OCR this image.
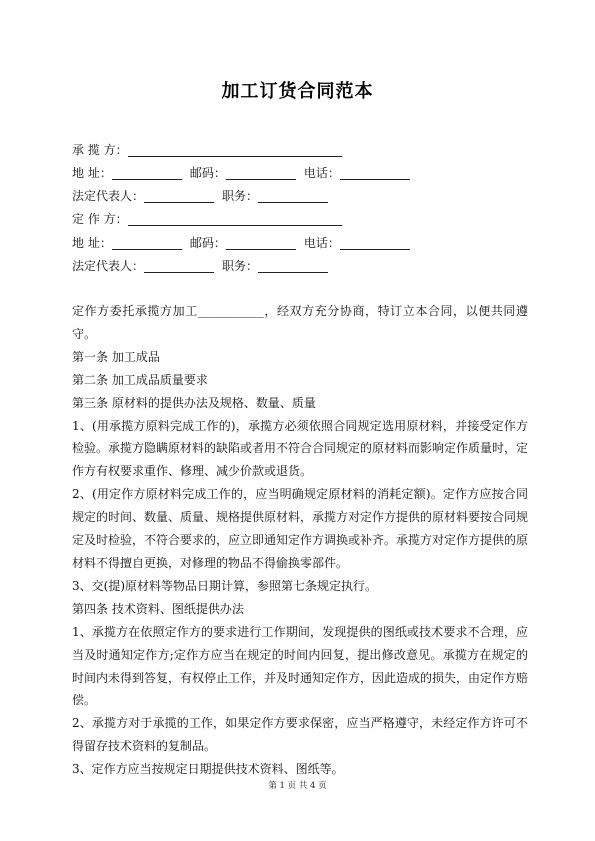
加工订货合同范本
承 揽 方：
地 址：	邮码：	电话：
法定代表人：	职务：
定 作 方：
地 址：	邮码：	电话：
法定代表人：	职务：

定作方委托承揽方加工___________，经双方充分协商，特订立本合同，以便共同遵守。

第一条 加工成品

第二条 加工成品质量要求

第三条 原材料的提供办法及规格、数量、质量

1、(用承揽方原料完成工作的)，承揽方必须依照合同规定选用原材料，并接受定作方检验。承揽方隐瞒原材料的缺陷或者用不符合合同规定的原材料而影响定作质量时，定作方有权要求重作、修理、减少价款或退货。

2、(用定作方原材料完成工作的，应当明确规定原材料的消耗定额)。定作方应按合同规定的时间、数量、质量、规格提供原材料，承揽方对定作方提供的原材料要按合同规定及时检验，不符合要求的，应立即通知定作方调换或补齐。承揽方对定作方提供的原材料不得擅自更换，对修理的物品不得偷换零部件。

3、交(提)原材料等物品日期计算，参照第七条规定执行。

第四条 技术资料、图纸提供办法

1、承揽方在依照定作方的要求进行工作期间，发现提供的图纸或技术要求不合理，应当及时通知定作方;定作方应当在规定的时间内回复，提出修改意见。承揽方在规定的时间内未得到答复，有权停止工作，并及时通知定作方，因此造成的损失，由定作方赔偿。

2、承揽方对于承揽的工作，如果定作方要求保密，应当严格遵守，未经定作方许可不得留存技术资料的复制品。

3、定作方应当按规定日期提供技术资料、图纸等。

第 1 页 共 4 页
